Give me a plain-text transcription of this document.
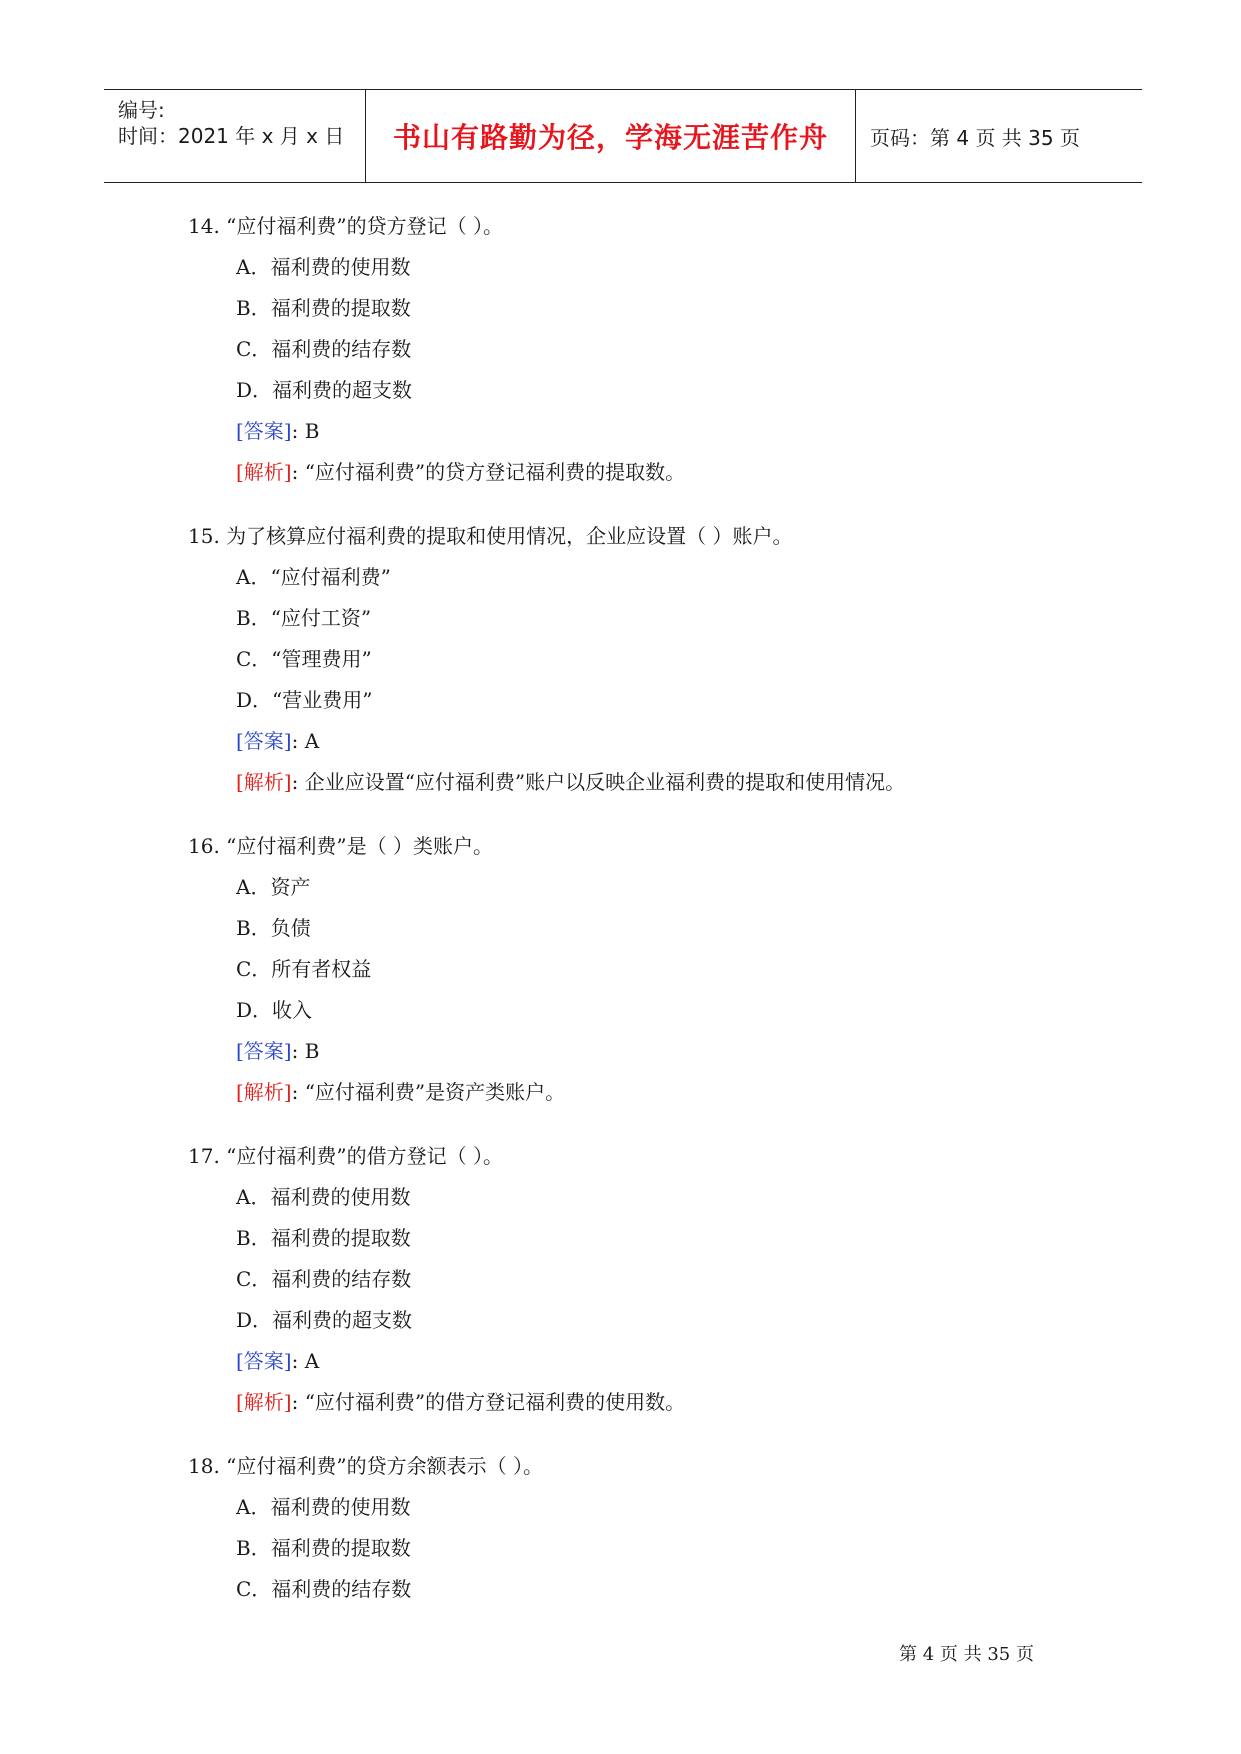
编号:
时间：2021 年 x 月 x 日	书山有路勤为径，学海无涯苦作舟	页码：第 4 页 共 35 页
14. “应付福利费”的贷方登记（ ）。
A．福利费的使用数
B．福利费的提取数
C．福利费的结存数
D．福利费的超支数
[答案]: B
[解析]: “应付福利费”的贷方登记福利费的提取数。
15. 为了核算应付福利费的提取和使用情况，企业应设置（ ）账户。
A．“应付福利费”
B．“应付工资”
C．“管理费用”
D．“营业费用”
[答案]: A
[解析]: 企业应设置“应付福利费”账户以反映企业福利费的提取和使用情况。
16. “应付福利费”是（ ）类账户。
A．资产
B．负债
C．所有者权益
D．收入
[答案]: B
[解析]: “应付福利费”是资产类账户。
17. “应付福利费”的借方登记（ ）。
A．福利费的使用数
B．福利费的提取数
C．福利费的结存数
D．福利费的超支数
[答案]: A
[解析]: “应付福利费”的借方登记福利费的使用数。
18. “应付福利费”的贷方余额表示（ ）。
A．福利费的使用数
B．福利费的提取数
C．福利费的结存数
第 4 页 共 35 页
